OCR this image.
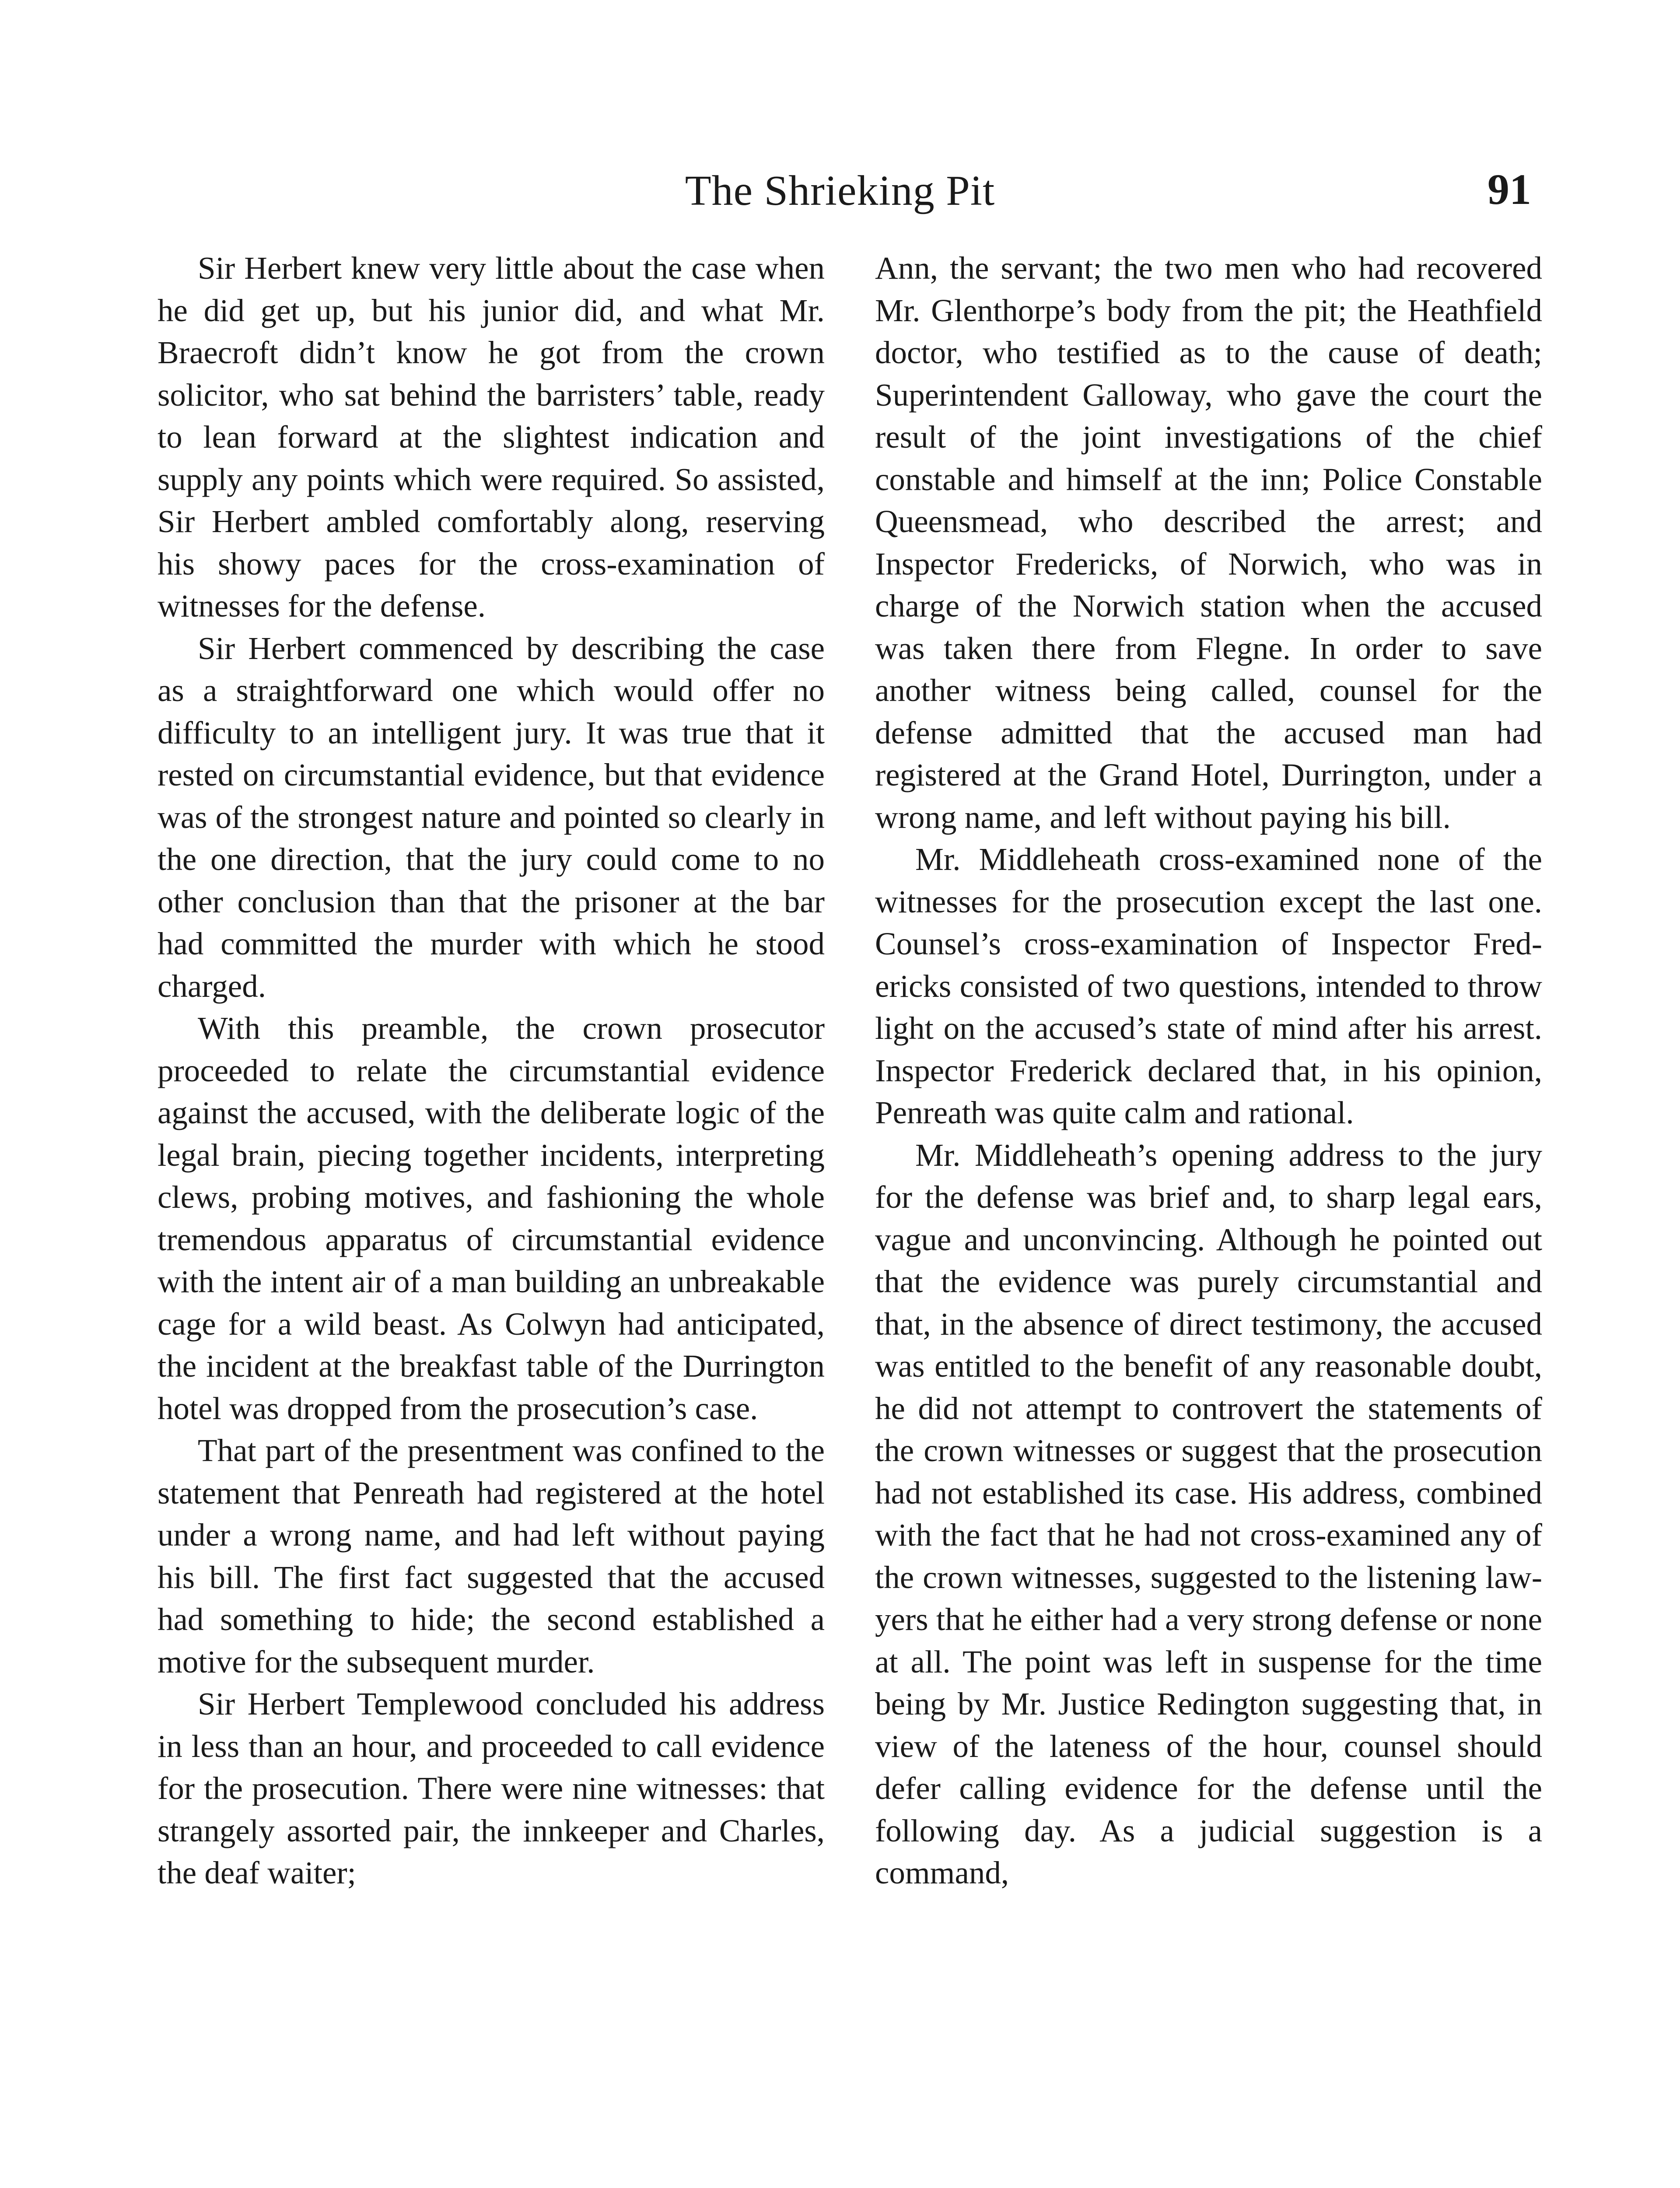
The Shrieking Pit	91

Sir Herbert knew very little about the case when he did get up, but his junior did, and what Mr. Braecroft didn’t know he got from the crown solicitor, who sat behind the barristers’ table, ready to lean forward at the slightest indication and supply any points which were required. So assisted, Sir Herbert ambled comfortably along, reserving his showy paces for the cross-examination of witnesses for the defense.

Sir Herbert commenced by describing the case as a straightforward one which would offer no difficulty to an intelligent jury. It was true that it rested on circumstantial evidence, but that evidence was of the strongest nature and pointed so clearly in the one direction, that the jury could come to no other conclusion than that the prisoner at the bar had committed the murder with which he stood charged.

With this preamble, the crown prosecutor proceeded to relate the circumstantial evidence against the accused, with the deliberate logic of the legal brain, piecing together incidents, interpreting clews, probing motives, and fashioning the whole tremendous apparatus of circumstantial evidence with the intent air of a man building an unbreakable cage for a wild beast. As Colwyn had anticipated, the incident at the breakfast table of the Durrington hotel was dropped from the prosecution’s case.

That part of the presentment was confined to the statement that Penreath had registered at the hotel under a wrong name, and had left without paying his bill. The first fact suggested that the accused had something to hide; the second established a motive for the subsequent murder.

Sir Herbert Templewood concluded his address in less than an hour, and proceeded to call evidence for the prosecution. There were nine witnesses: that strangely assorted pair, the innkeeper and Charles, the deaf waiter;

Ann, the servant; the two men who had recovered Mr. Glenthorpe’s body from the pit; the Heathfield doctor, who testified as to the cause of death; Superintendent Galloway, who gave the court the result of the joint investigations of the chief constable and himself at the inn; Police Constable Queensmead, who described the arrest; and Inspector Fredericks, of Norwich, who was in charge of the Norwich station when the accused was taken there from Flegne. In order to save another witness being called, counsel for the defense admitted that the accused man had registered at the Grand Hotel, Durrington, under a wrong name, and left without paying his bill.

Mr. Middleheath cross-examined none of the witnesses for the prosecution except the last one. Counsel’s cross-examination of Inspector Fredericks consisted of two questions, intended to throw light on the accused’s state of mind after his arrest. Inspector Frederick declared that, in his opinion, Penreath was quite calm and rational.

Mr. Middleheath’s opening address to the jury for the defense was brief and, to sharp legal ears, vague and unconvincing. Although he pointed out that the evidence was purely circumstantial and that, in the absence of direct testimony, the accused was entitled to the benefit of any reasonable doubt, he did not attempt to controvert the statements of the crown witnesses or suggest that the prosecution had not established its case. His address, combined with the fact that he had not cross-examined any of the crown witnesses, suggested to the listening lawyers that he either had a very strong defense or none at all. The point was left in suspense for the time being by Mr. Justice Redington suggesting that, in view of the lateness of the hour, counsel should defer calling evidence for the defense until the following day. As a judicial suggestion is a command,
